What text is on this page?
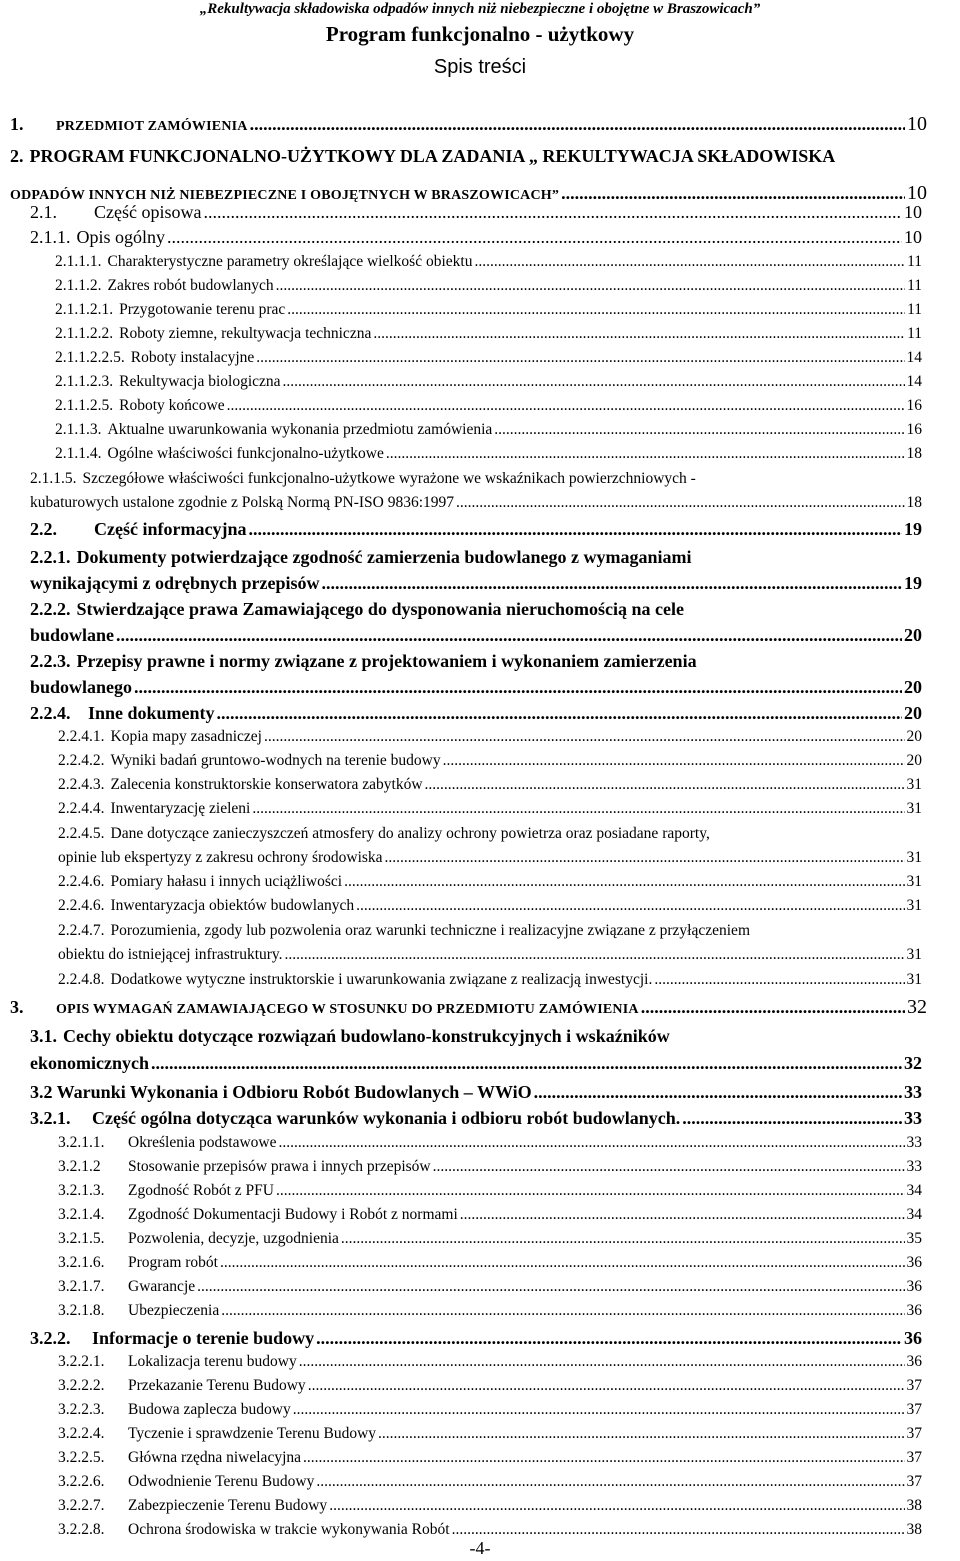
„Rekultywacja składowiska odpadów innych niż niebezpieczne i obojętne w Braszowicach”
Program funkcjonalno - użytkowy
Spis treści
1.	PRZEDMIOT ZAMÓWIENIA .....	10
2. PROGRAM FUNKCJONALNO-UŻYTKOWY DLA ZADANIA „ REKULTYWACJA SKŁADOWISKA
ODPADÓW INNYCH NIŻ NIEBEZPIECZNE I OBOJĘTNYCH W BRASZOWICACH” .....	10
2.1.	Część opisowa .....	10
2.1.1. Opis ogólny .....	10
2.1.1.1. Charakterystyczne parametry określające wielkość obiektu .....	11
2.1.1.2. Zakres robót budowlanych .....	11
2.1.1.2.1. Przygotowanie terenu prac .....	11
2.1.1.2.2. Roboty ziemne, rekultywacja techniczna .....	11
2.1.1.2.2.5. Roboty instalacyjne .....	14
2.1.1.2.3. Rekultywacja biologiczna .....	14
2.1.1.2.5. Roboty końcowe .....	16
2.1.1.3. Aktualne uwarunkowania wykonania przedmiotu zamówienia .....	16
2.1.1.4. Ogólne właściwości funkcjonalno-użytkowe .....	18
2.1.1.5. Szczegółowe właściwości funkcjonalno-użytkowe wyrażone we wskaźnikach powierzchniowych -
kubaturowych ustalone zgodnie z Polską Normą PN-ISO 9836:1997 .....	18
2.2.	Część informacyjna .....	19
2.2.1. Dokumenty potwierdzające zgodność zamierzenia budowlanego z wymaganiami
wynikającymi z odrębnych przepisów .....	19
2.2.2. Stwierdzające prawa Zamawiającego do dysponowania nieruchomością na cele
budowlane .....	20
2.2.3. Przepisy prawne i normy związane z projektowaniem i wykonaniem zamierzenia
budowlanego .....	20
2.2.4. Inne dokumenty .....	20
2.2.4.1. Kopia mapy zasadniczej .....	20
2.2.4.2. Wyniki badań gruntowo-wodnych na terenie budowy .....	20
2.2.4.3. Zalecenia konstruktorskie konserwatora zabytków .....	31
2.2.4.4. Inwentaryzację zieleni .....	31
2.2.4.5. Dane dotyczące zanieczyszczeń atmosfery do analizy ochrony powietrza oraz posiadane raporty,
opinie lub ekspertyzy z zakresu ochrony środowiska .....	31
2.2.4.6. Pomiary hałasu i innych uciążliwości .....	31
2.2.4.6. Inwentaryzacja obiektów budowlanych .....	31
2.2.4.7. Porozumienia, zgody lub pozwolenia oraz warunki techniczne i realizacyjne związane z przyłączeniem
obiektu do istniejącej infrastruktury. .....	31
2.2.4.8. Dodatkowe wytyczne instruktorskie i uwarunkowania związane z realizacją inwestycji. .....	31
3.	OPIS WYMAGAŃ ZAMAWIAJĄCEGO W STOSUNKU DO PRZEDMIOTU ZAMÓWIENIA .....	32
3.1. Cechy obiektu dotyczące rozwiązań budowlano-konstrukcyjnych i wskaźników
ekonomicznych .....	32
3.2 Warunki Wykonania i Odbioru Robót Budowlanych – WWiO .....	33
3.2.1.	Część ogólna dotycząca warunków wykonania i odbioru robót budowlanych. .....	33
3.2.1.1.	Określenia podstawowe .....	33
3.2.1.2	Stosowanie przepisów prawa i innych przepisów .....	33
3.2.1.3.	Zgodność Robót z PFU .....	34
3.2.1.4.	Zgodność Dokumentacji Budowy i Robót z normami .....	34
3.2.1.5.	Pozwolenia, decyzje, uzgodnienia .....	35
3.2.1.6.	Program robót .....	36
3.2.1.7.	Gwarancje .....	36
3.2.1.8.	Ubezpieczenia .....	36
3.2.2.	Informacje o terenie budowy .....	36
3.2.2.1.	Lokalizacja terenu budowy .....	36
3.2.2.2.	Przekazanie Terenu Budowy .....	37
3.2.2.3.	Budowa zaplecza budowy .....	37
3.2.2.4.	Tyczenie i sprawdzenie Terenu Budowy .....	37
3.2.2.5.	Główna rzędna niwelacyjna .....	37
3.2.2.6.	Odwodnienie Terenu Budowy .....	37
3.2.2.7.	Zabezpieczenie Terenu Budowy .....	38
3.2.2.8.	Ochrona środowiska w trakcie wykonywania Robót .....	38
-4-
